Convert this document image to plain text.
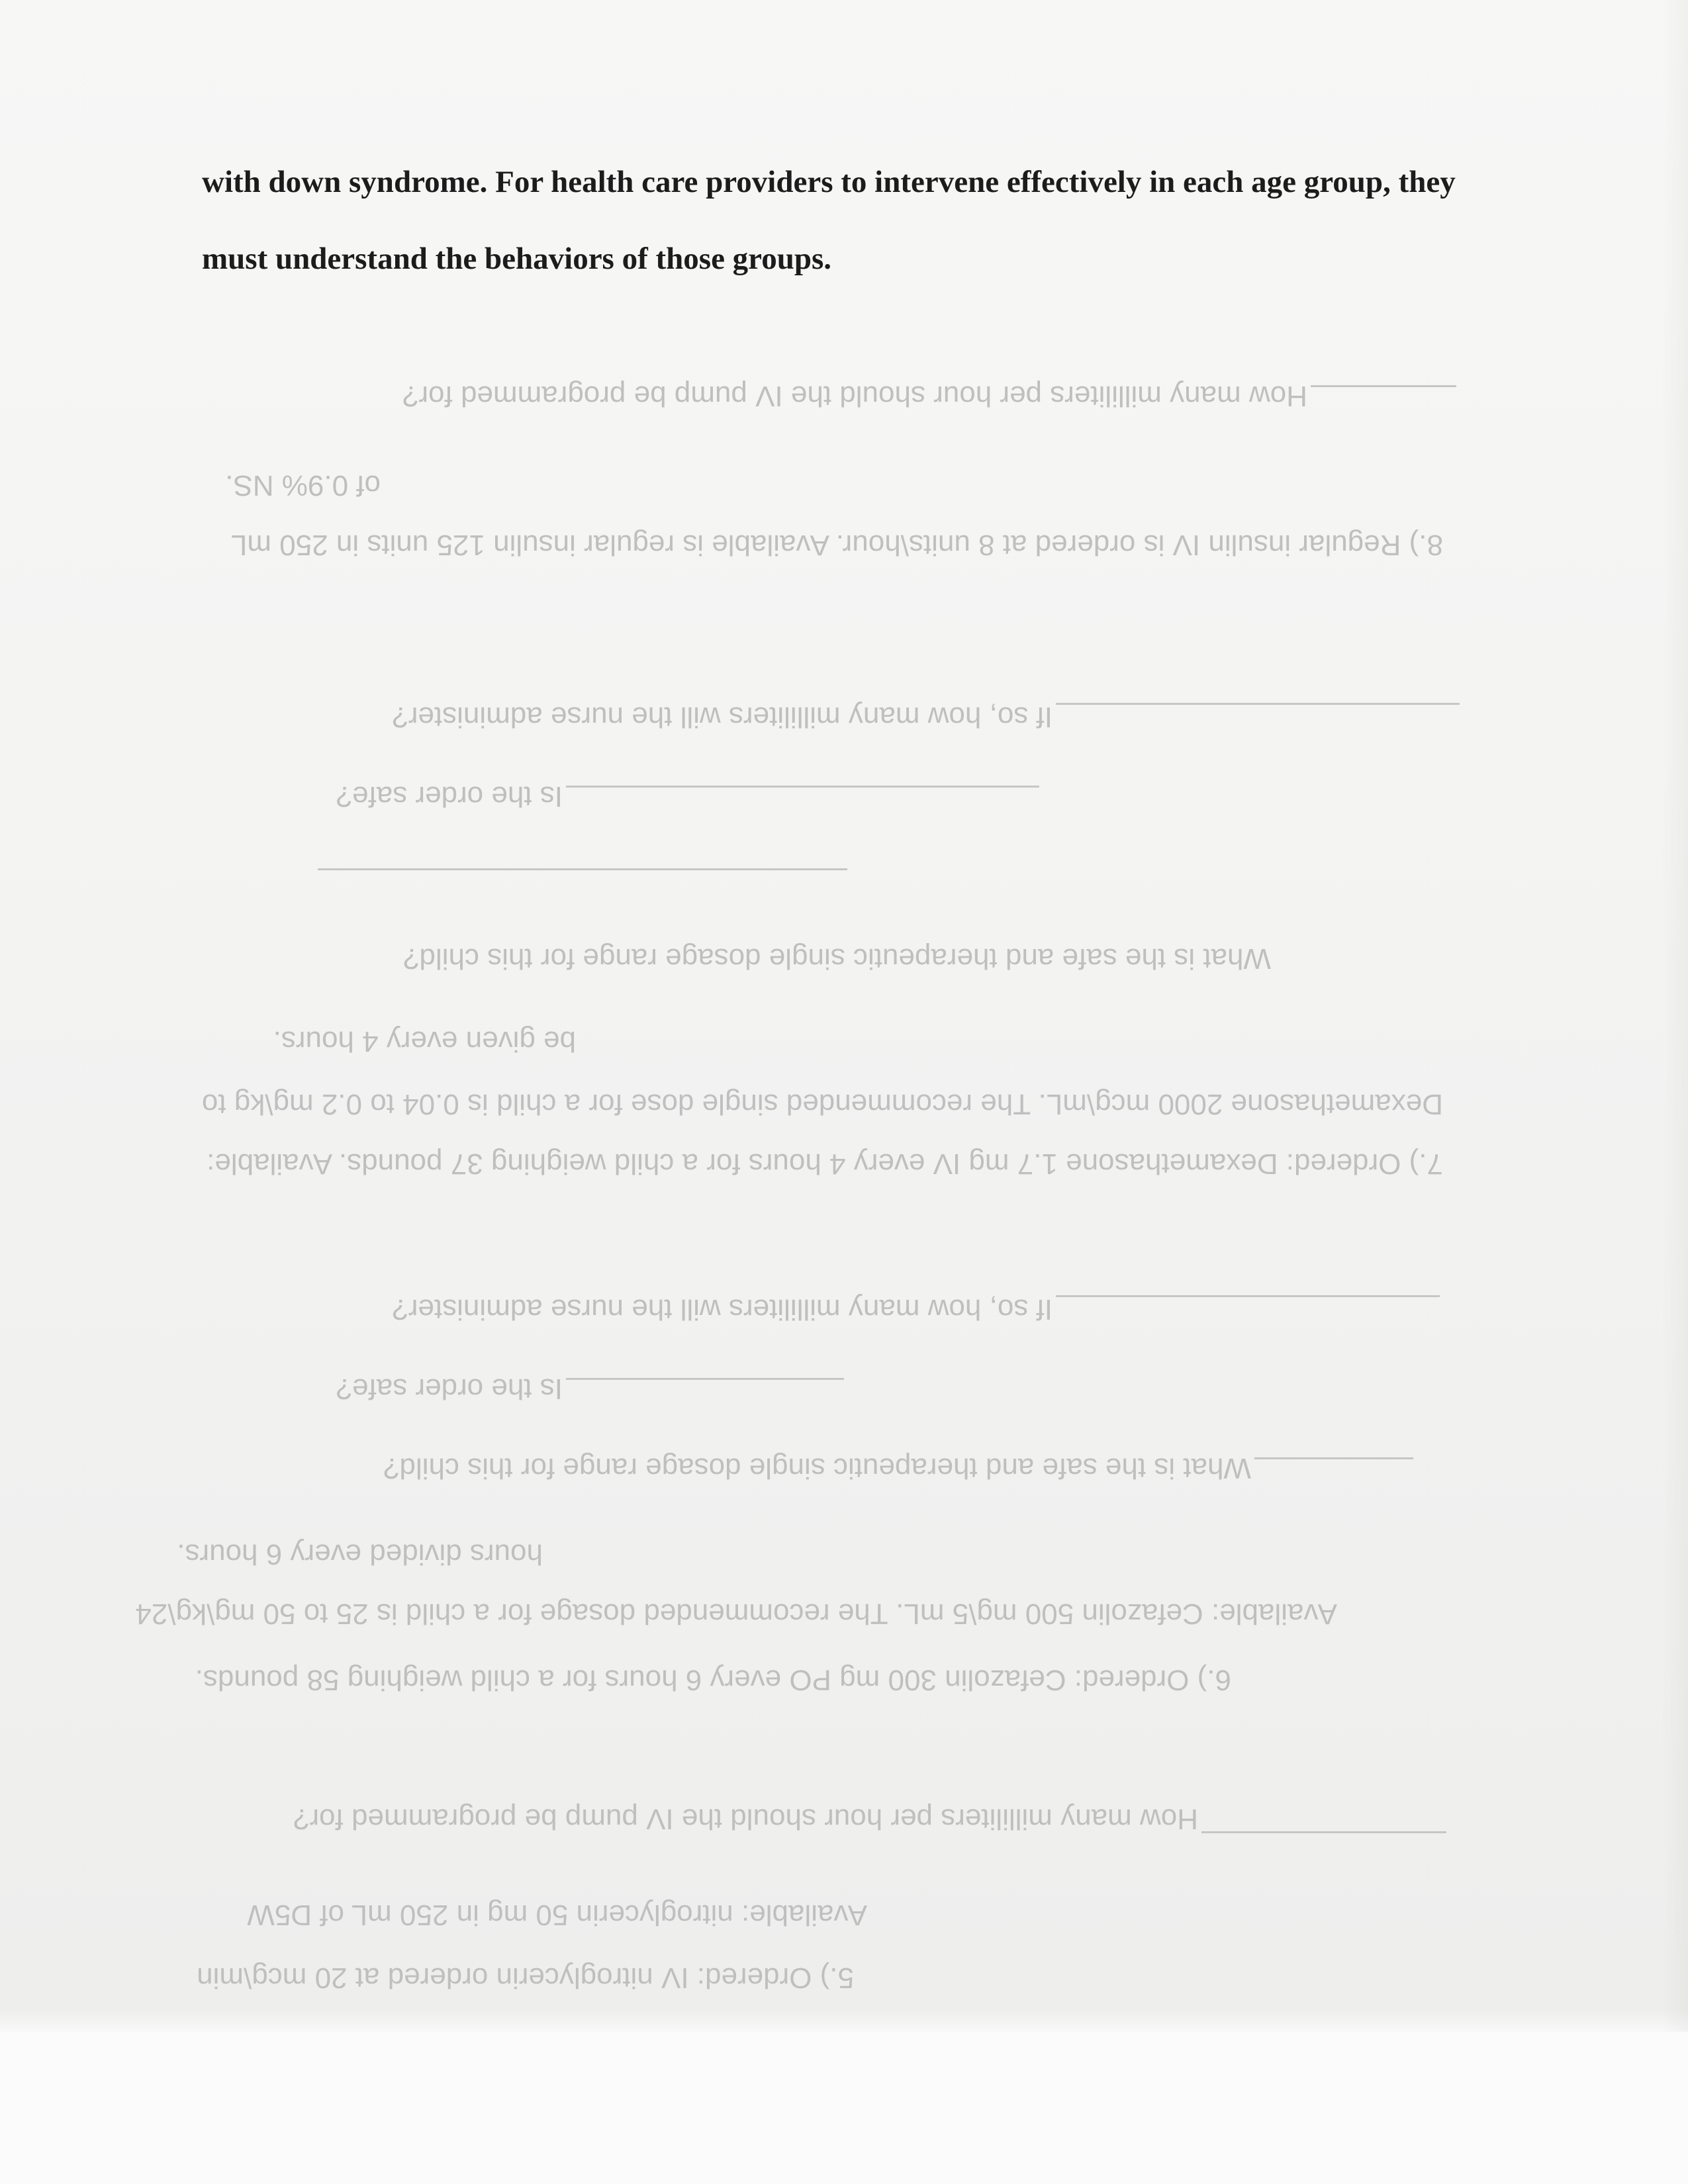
5.) Ordered: IV nitroglycerin ordered at 20 mcg\min
Available: nitroglycerin 50 mg in 250 mL of D5W
How many milliliters per hour should the IV pump be programmed for?
6.) Ordered: Cefazolin 300 mg PO every 6 hours for a child weighing 58 pounds.
Available: Cefazolin 500 mg\5 mL. The recommended dosage for a child is 25 to 50 mg\kg\24
hours divided every 6 hours.
What is the safe and therapeutic single dosage range for this child?
Is the order safe?
If so, how many milliliters will the nurse administer?
7.) Ordered: Dexamethasone 1.7 mg IV every 4 hours for a child weighing 37 pounds. Available:
Dexamethasone 2000 mcg\mL. The recommended single dose for a child is 0.04 to 0.2 mg\kg to
be given every 4 hours.
What is the safe and therapeutic single dosage range for this child?
Is the order safe?
If so, how many milliliters will the nurse administer?
8.) Regular insulin IV is ordered at 8 units\hour. Available is regular insulin 125 units in 250 mL
of 0.9% NS.
How many milliliters per hour should the IV pump be programmed for?

with down syndrome. For health care providers to intervene effectively in each age group, they

must understand the behaviors of those groups.
